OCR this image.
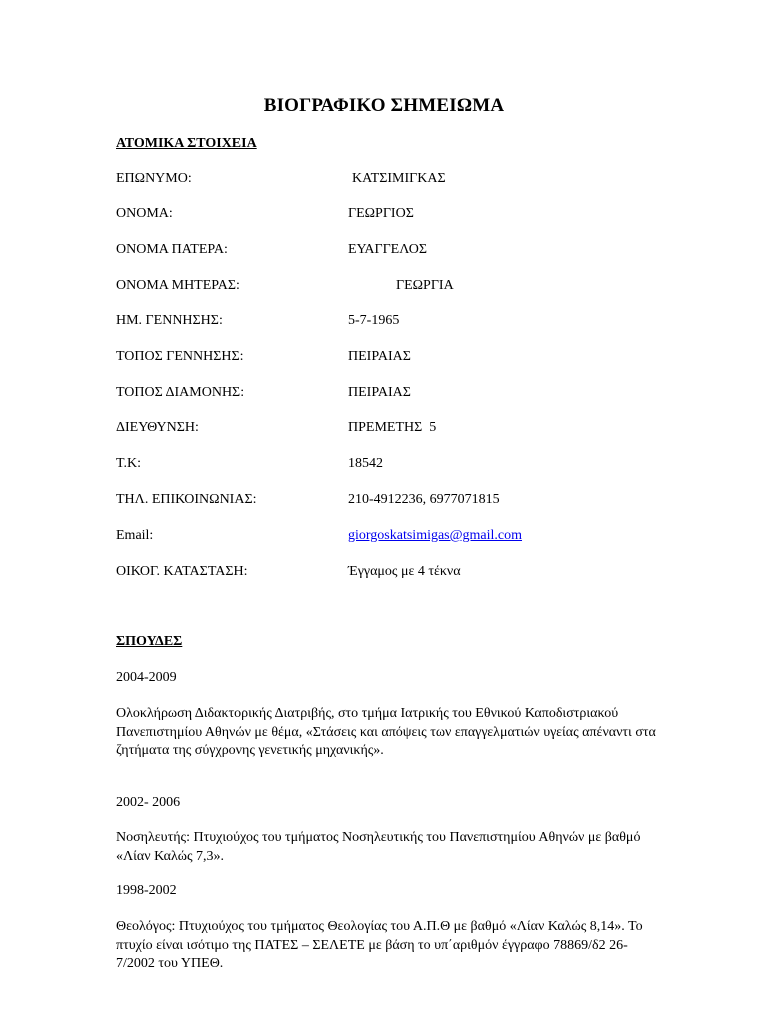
ΒΙΟΓΡΑΦΙΚΟ ΣΗΜΕΙΩΜΑ
ΑΤΟΜΙΚΑ ΣΤΟΙΧΕΙΑ
ΕΠΩΝΥΜΟ:	ΚΑΤΣΙΜΙΓΚΑΣ
ΟΝΟΜΑ:	ΓΕΩΡΓΙΟΣ
ΟΝΟΜΑ ΠΑΤΕΡΑ:	ΕΥΑΓΓΕΛΟΣ
ΟΝΟΜΑ ΜΗΤΕΡΑΣ:	ΓΕΩΡΓΙΑ
ΗΜ. ΓΕΝΝΗΣΗΣ:	5-7-1965
ΤΟΠΟΣ ΓΕΝΝΗΣΗΣ:	ΠΕΙΡΑΙΑΣ
ΤΟΠΟΣ ΔΙΑΜΟΝΗΣ:	ΠΕΙΡΑΙΑΣ
ΔΙΕΥΘΥΝΣΗ:	ΠΡΕΜΕΤΗΣ  5
Τ.Κ:	18542
ΤΗΛ. ΕΠΙΚΟΙΝΩΝΙΑΣ:	210-4912236, 6977071815
Email:	giorgoskatsimigas@gmail.com
ΟΙΚΟΓ. ΚΑΤΑΣΤΑΣΗ:	Έγγαμος με 4 τέκνα
ΣΠΟΥΔΕΣ
2004-2009
Ολοκλήρωση Διδακτορικής Διατριβής, στο τμήμα Ιατρικής του Εθνικού Καποδιστριακού Πανεπιστημίου Αθηνών με θέμα, «Στάσεις και απόψεις των επαγγελματιών υγείας απέναντι στα ζητήματα της σύγχρονης γενετικής μηχανικής».
2002- 2006
Νοσηλευτής: Πτυχιούχος του τμήματος Νοσηλευτικής του Πανεπιστημίου Αθηνών με βαθμό «Λίαν Καλώς 7,3».
1998-2002
Θεολόγος: Πτυχιούχος του τμήματος Θεολογίας του Α.Π.Θ με βαθμό «Λίαν Καλώς 8,14». Το πτυχίο είναι ισότιμο της ΠΑΤΕΣ – ΣΕΛΕΤΕ με βάση το υπ΄αριθμόν έγγραφο 78869/δ2 26-7/2002 του ΥΠΕΘ.
